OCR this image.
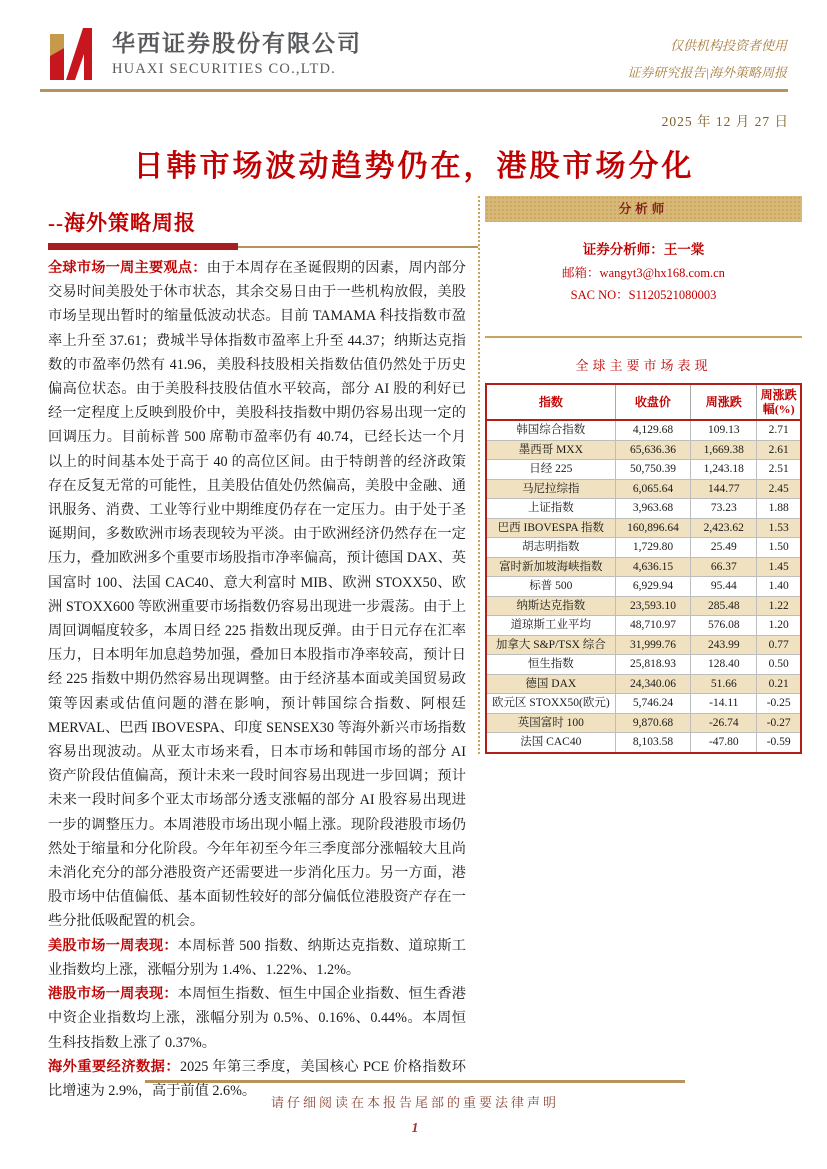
华西证券股份有限公司
HUAXI SECURITIES CO.,LTD.
仅供机构投资者使用
证券研究报告|海外策略周报
2025 年 12 月 27 日
日韩市场波动趋势仍在，港股市场分化
--海外策略周报

全球市场一周主要观点：由于本周存在圣诞假期的因素，周内部分交易时间美股处于休市状态，其余交易日由于一些机构放假，美股市场呈现出暂时的缩量低波动状态。目前 TAMAMA 科技指数市盈率上升至 37.61；费城半导体指数市盈率上升至 44.37；纳斯达克指数的市盈率仍然有 41.96，美股科技股相关指数估值仍然处于历史偏高位状态。由于美股科技股估值水平较高，部分 AI 股的利好已经一定程度上反映到股价中，美股科技指数中期仍容易出现一定的回调压力。目前标普 500 席勒市盈率仍有 40.74，已经长达一个月以上的时间基本处于高于 40 的高位区间。由于特朗普的经济政策存在反复无常的可能性，且美股估值处仍然偏高，美股中金融、通讯服务、消费、工业等行业中期维度仍存在一定压力。由于处于圣诞期间，多数欧洲市场表现较为平淡。由于欧洲经济仍然存在一定压力，叠加欧洲多个重要市场股指市净率偏高，预计德国 DAX、英国富时 100、法国 CAC40、意大利富时 MIB、欧洲 STOXX50、欧洲 STOXX600 等欧洲重要市场指数仍容易出现进一步震荡。由于上周回调幅度较多，本周日经 225 指数出现反弹。由于日元存在汇率压力，日本明年加息趋势加强，叠加日本股指市净率较高，预计日经 225 指数中期仍然容易出现调整。由于经济基本面或美国贸易政策等因素或估值问题的潜在影响，预计韩国综合指数、阿根廷 MERVAL、巴西 IBOVESPA、印度 SENSEX30 等海外新兴市场指数容易出现波动。从亚太市场来看，日本市场和韩国市场的部分 AI 资产阶段估值偏高，预计未来一段时间容易出现进一步回调；预计未来一段时间多个亚太市场部分透支涨幅的部分 AI 股容易出现进一步的调整压力。本周港股市场出现小幅上涨。现阶段港股市场仍然处于缩量和分化阶段。今年年初至今年三季度部分涨幅较大且尚未消化充分的部分港股资产还需要进一步消化压力。另一方面，港股市场中估值偏低、基本面韧性较好的部分偏低位港股资产存在一些分批低吸配置的机会。

美股市场一周表现：本周标普 500 指数、纳斯达克指数、道琼斯工业指数均上涨，涨幅分别为 1.4%、1.22%、1.2%。

港股市场一周表现：本周恒生指数、恒生中国企业指数、恒生香港中资企业指数均上涨，涨幅分别为 0.5%、0.16%、0.44%。本周恒生科技指数上涨了 0.37%。

海外重要经济数据：2025 年第三季度，美国核心 PCE 价格指数环比增速为 2.9%，高于前值 2.6%。

分析师
证券分析师：王一棠
邮箱：wangyt3@hx168.com.cn
SAC NO：S1120521080003
全球主要市场表现
指数	收盘价	周涨跌	周涨跌幅(%)
韩国综合指数	4,129.68	109.13	2.71
墨西哥 MXX	65,636.36	1,669.38	2.61
日经 225	50,750.39	1,243.18	2.51
马尼拉综指	6,065.64	144.77	2.45
上证指数	3,963.68	73.23	1.88
巴西 IBOVESPA 指数	160,896.64	2,423.62	1.53
胡志明指数	1,729.80	25.49	1.50
富时新加坡海峡指数	4,636.15	66.37	1.45
标普 500	6,929.94	95.44	1.40
纳斯达克指数	23,593.10	285.48	1.22
道琼斯工业平均	48,710.97	576.08	1.20
加拿大 S&P/TSX 综合	31,999.76	243.99	0.77
恒生指数	25,818.93	128.40	0.50
德国 DAX	24,340.06	51.66	0.21
欧元区 STOXX50(欧元)	5,746.24	-14.11	-0.25
英国富时 100	9,870.68	-26.74	-0.27
法国 CAC40	8,103.58	-47.80	-0.59
请仔细阅读在本报告尾部的重要法律声明
1
